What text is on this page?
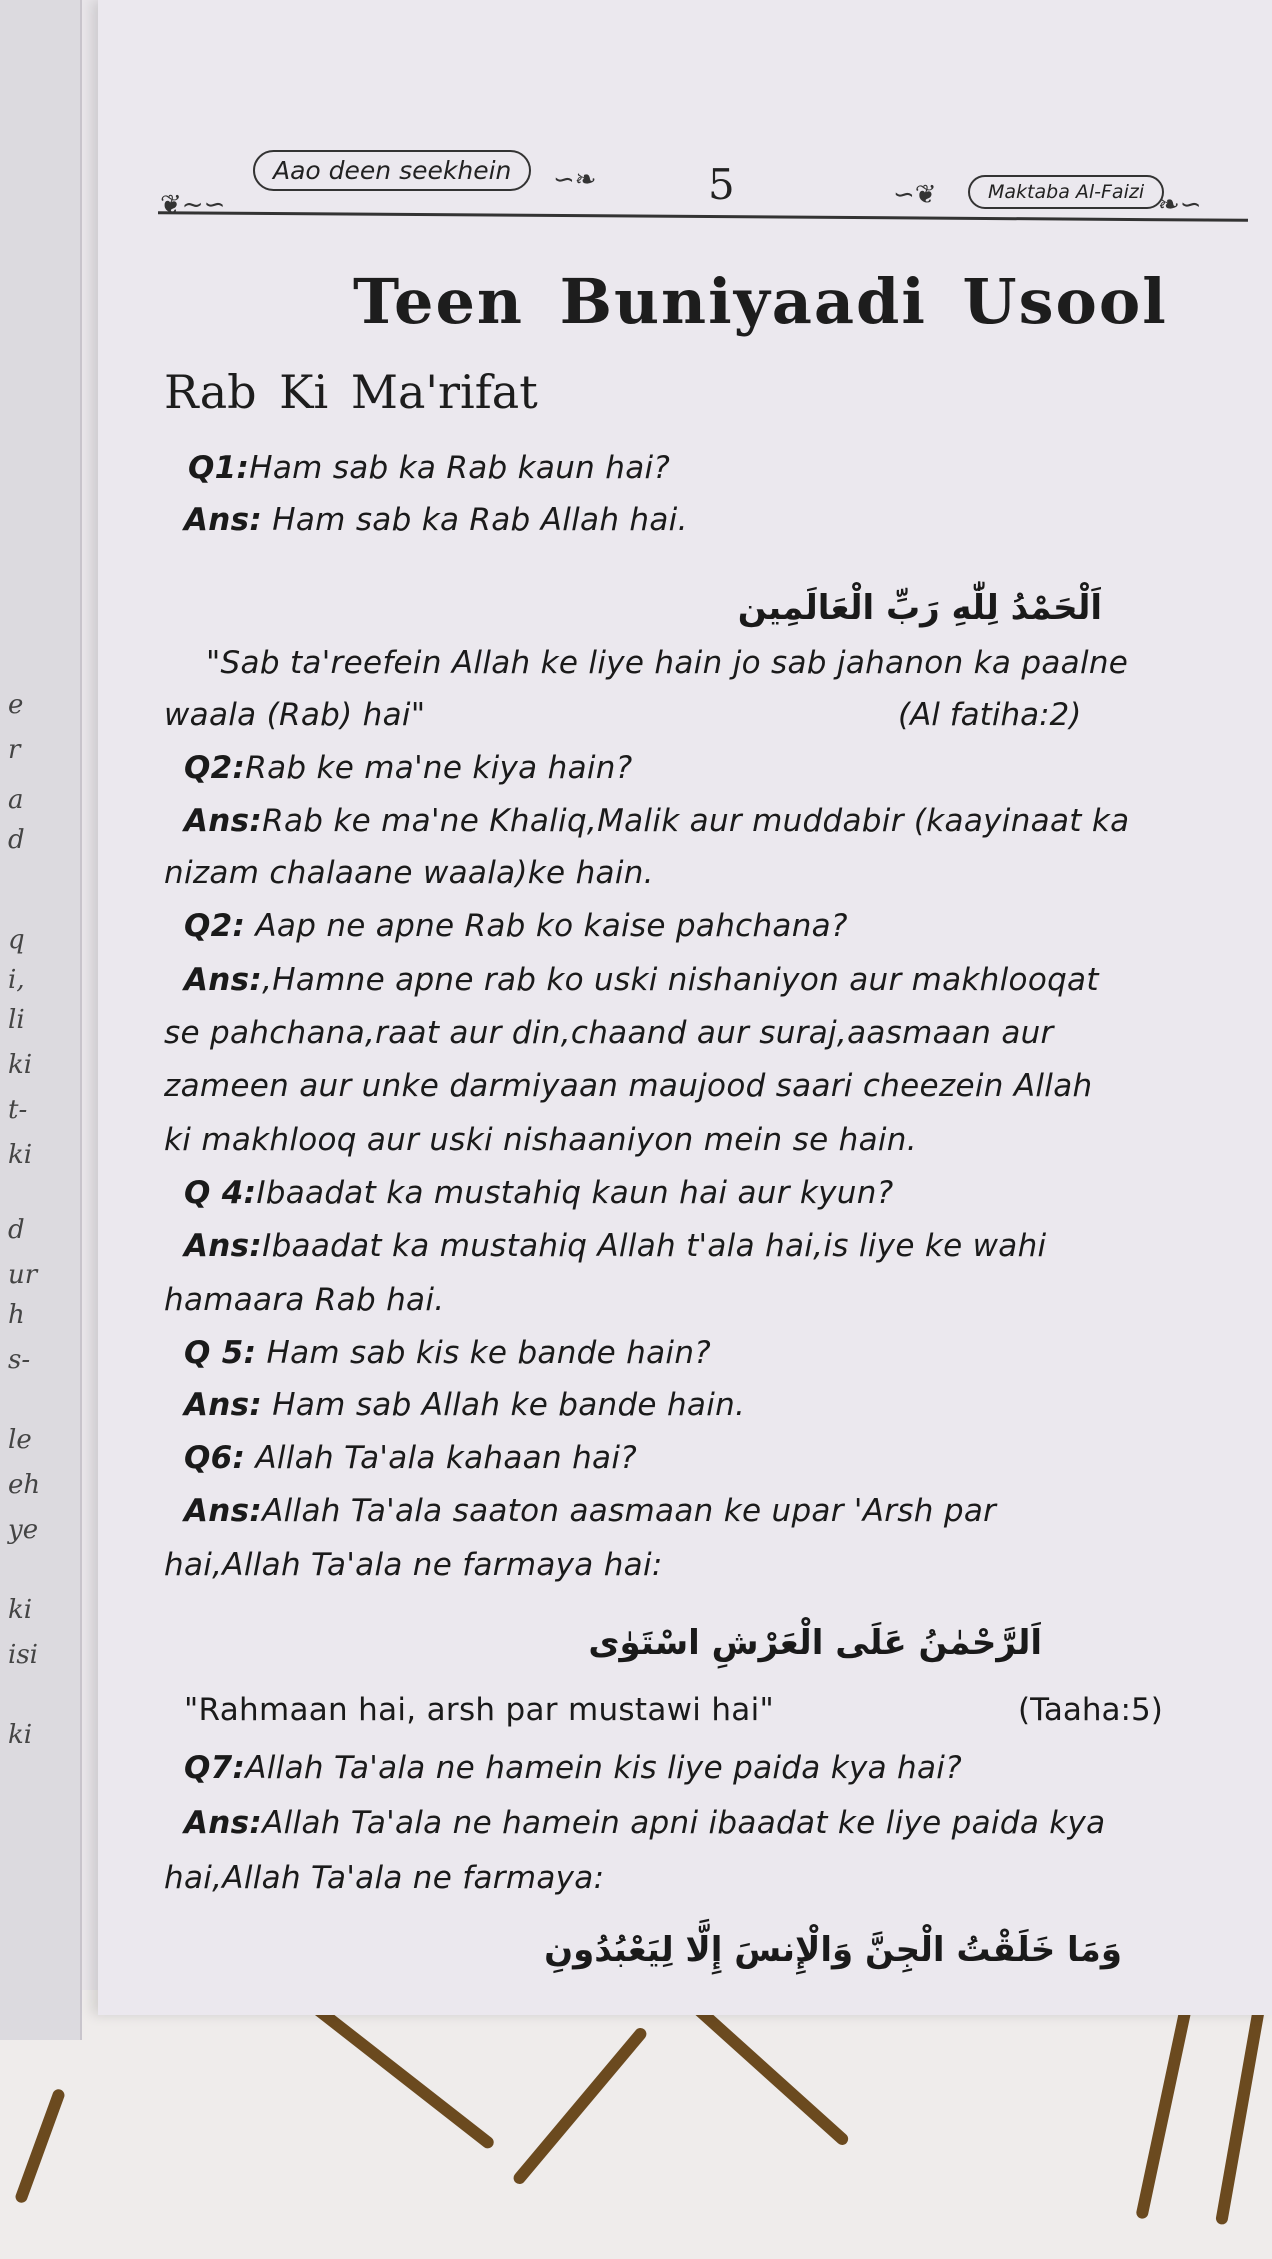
e
r
a
d
q
i,
li
ki
t-
ki
d
ur
h
s-
le
eh
ye
ki
isi
ki
❦~∽
Aao deen seekhein	∽❧	5	∽❦	Maktaba Al-Faizi ❧∽
Teen Buniyaadi Usool
Rab Ki Ma'rifat
Q1:Ham sab ka Rab kaun hai?
Ans: Ham sab ka Rab Allah hai.
اَلْحَمْدُ لِلّٰهِ رَبِّ الْعَالَمِين
"Sab ta'reefein Allah ke liye hain jo sab jahanon ka paalne
waala (Rab) hai"	(Al fatiha:2)
Q2:Rab ke ma'ne kiya hain?
Ans:Rab ke ma'ne Khaliq,Malik aur muddabir (kaayinaat ka
nizam chalaane waala)ke hain.
Q2: Aap ne apne Rab ko kaise pahchana?
Ans:,Hamne apne rab ko uski nishaniyon aur makhlooqat
se pahchana,raat aur din,chaand aur suraj,aasmaan aur
zameen aur unke darmiyaan maujood saari cheezein Allah
ki makhlooq aur uski nishaaniyon mein se hain.
Q 4:Ibaadat ka mustahiq kaun hai aur kyun?
Ans:Ibaadat ka mustahiq Allah t'ala hai,is liye ke wahi
hamaara Rab hai.
Q 5: Ham sab kis ke bande hain?
Ans: Ham sab Allah ke bande hain.
Q6: Allah Ta'ala kahaan hai?
Ans:Allah Ta'ala saaton aasmaan ke upar 'Arsh par
hai,Allah Ta'ala ne farmaya hai:
اَلرَّحْمٰنُ عَلَى الْعَرْشِ اسْتَوٰى
"Rahmaan hai, arsh par mustawi hai"	(Taaha:5)
Q7:Allah Ta'ala ne hamein kis liye paida kya hai?
Ans:Allah Ta'ala ne hamein apni ibaadat ke liye paida kya
hai,Allah Ta'ala ne farmaya:
وَمَا خَلَقْتُ الْجِنَّ وَالْإِنسَ إِلَّا لِيَعْبُدُونِ
